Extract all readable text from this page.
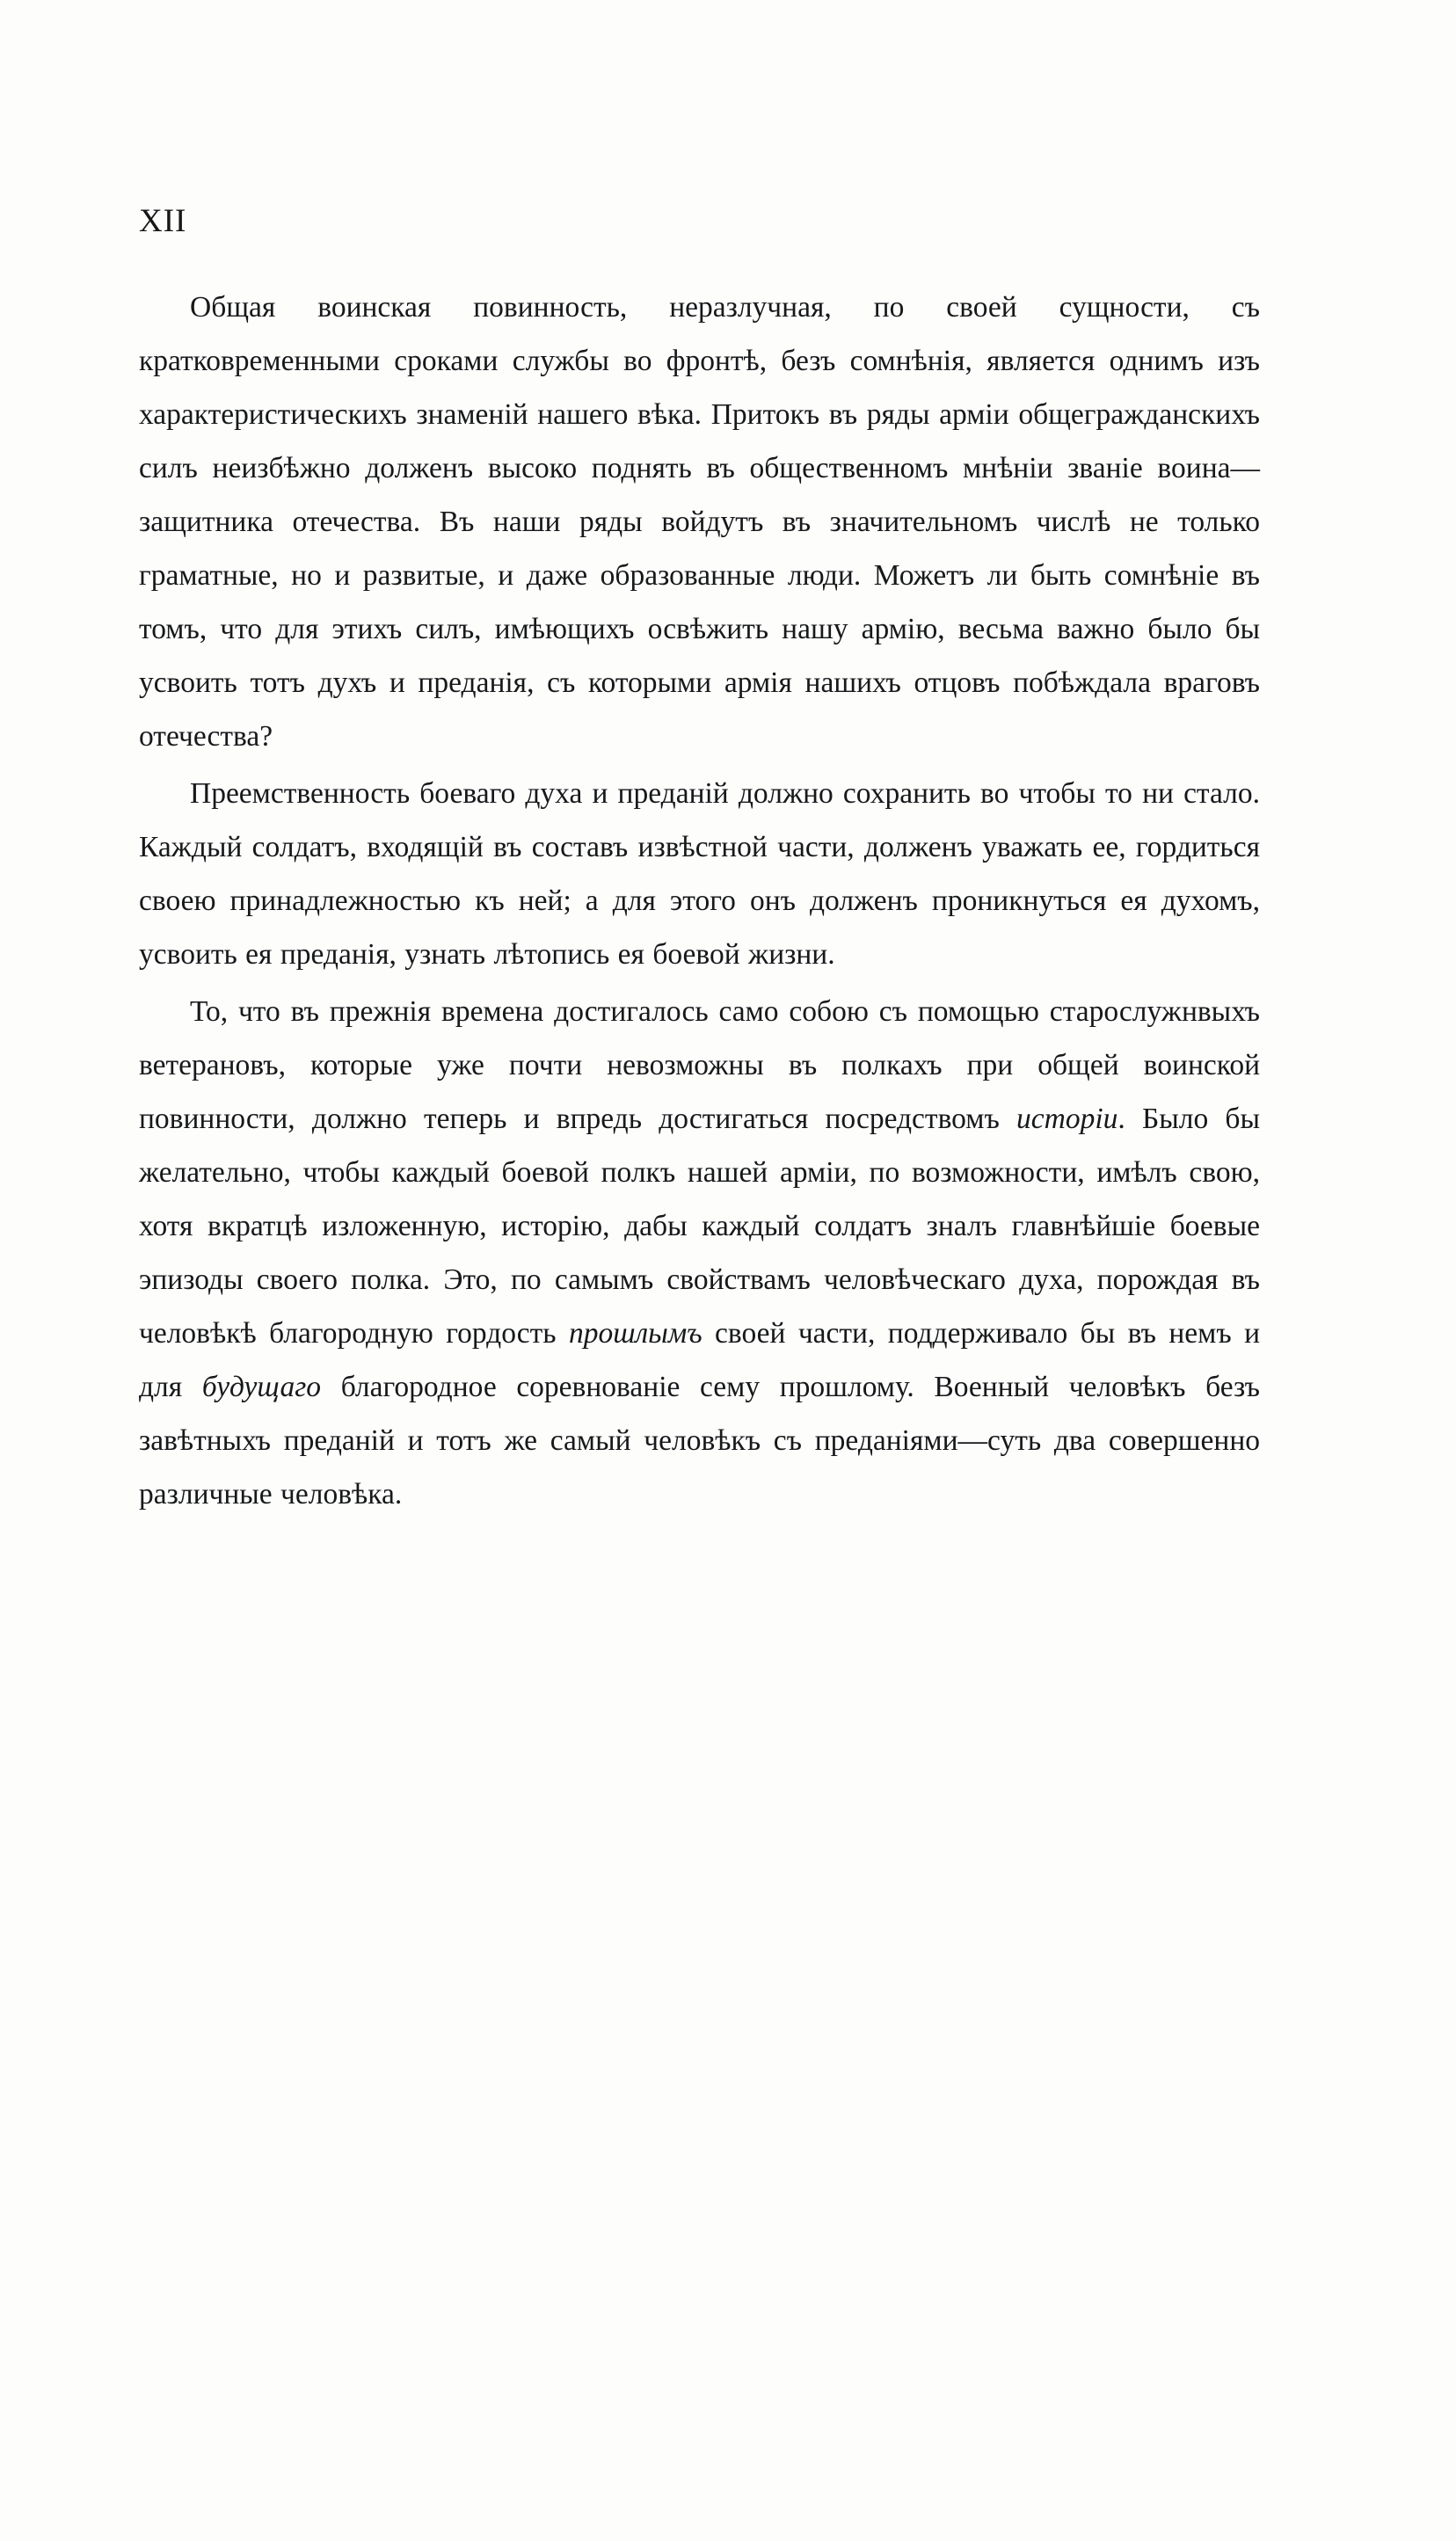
XII

Общая воинская повинность, неразлучная, по своей сущности, съ кратковременными сроками службы во фронтѣ, безъ сомнѣнія, является однимъ изъ характеристическихъ знаменій нашего вѣка. Притокъ въ ряды арміи общегражданскихъ силъ неизбѣжно долженъ высоко поднять въ общественномъ мнѣніи званіе воина—защитника отечества. Въ наши ряды войдутъ въ значительномъ числѣ не только граматные, но и развитые, и даже образованные люди. Можетъ ли быть сомнѣніе въ томъ, что для этихъ силъ, имѣющихъ освѣжить нашу армію, весьма важно было бы усвоить тотъ духъ и преданія, съ которыми армія нашихъ отцовъ побѣждала враговъ отечества?

Преемственность боеваго духа и преданій должно сохранить во чтобы то ни стало. Каждый солдатъ, входящій въ составъ извѣстной части, долженъ уважать ее, гордиться своею принадлежностью къ ней; а для этого онъ долженъ проникнуться ея духомъ, усвоить ея преданія, узнать лѣтопись ея боевой жизни.

То, что въ прежнія времена достигалось само собою съ помощью старослужнвыхъ ветерановъ, которые уже почти невозможны въ полкахъ при общей воинской повинности, должно теперь и впредь достигаться посредствомъ исторіи. Было бы желательно, чтобы каждый боевой полкъ нашей арміи, по возможности, имѣлъ свою, хотя вкратцѣ изложенную, исторію, дабы каждый солдатъ зналъ главнѣйшіе боевые эпизоды своего полка. Это, по самымъ свойствамъ человѣческаго духа, порождая въ человѣкѣ благородную гордость прошлымъ своей части, поддерживало бы въ немъ и для будущаго благородное соревнованіе сему прошлому. Военный человѣкъ безъ завѣтныхъ преданій и тотъ же самый человѣкъ съ преданіями—суть два совершенно различные человѣка.
